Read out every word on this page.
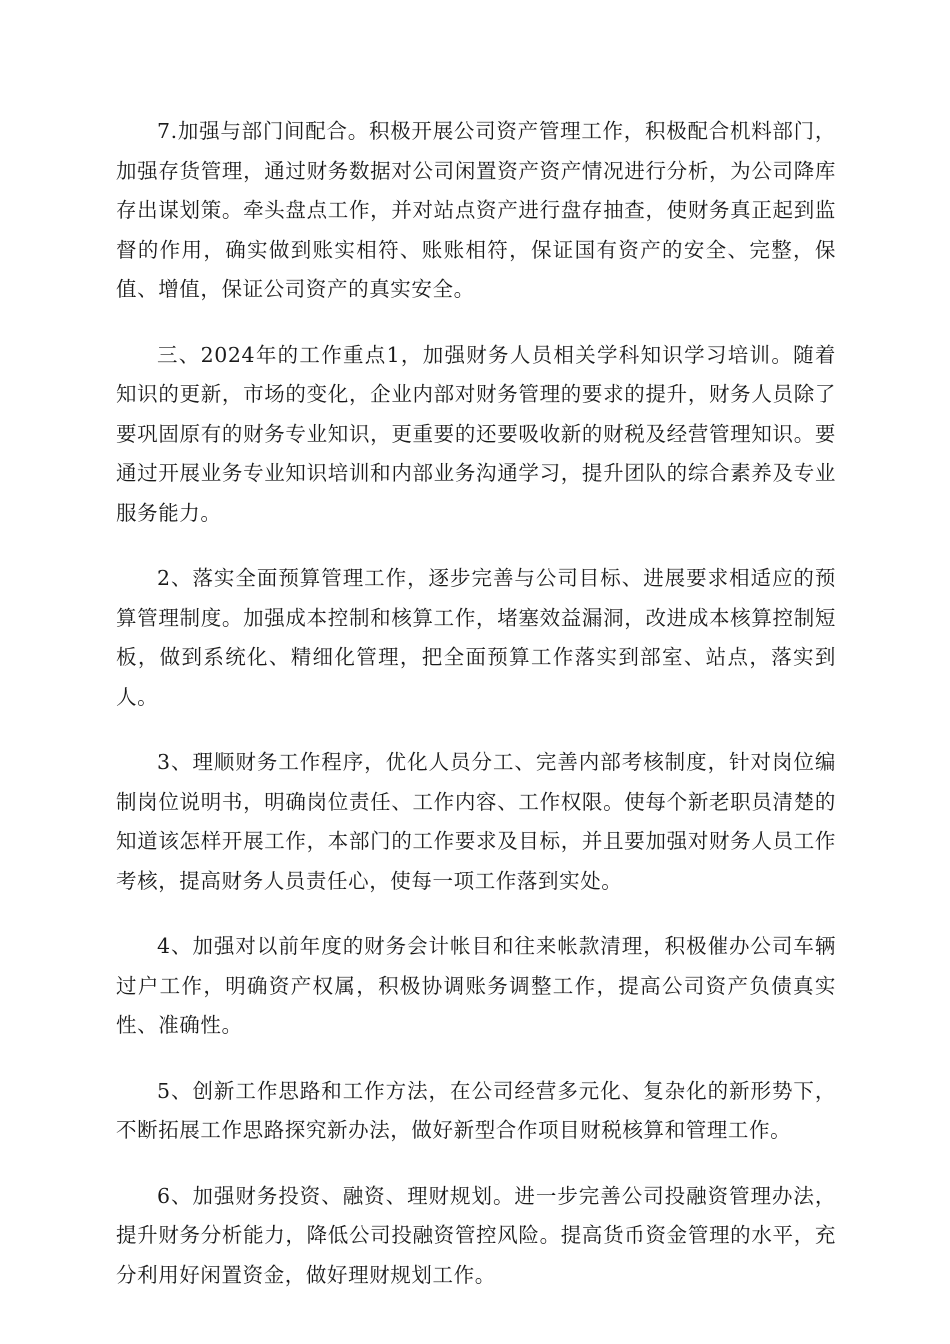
7.加强与部门间配合。积极开展公司资产管理工作，积极配合机料部门，加强存货管理，通过财务数据对公司闲置资产资产情况进行分析，为公司降库存出谋划策。牵头盘点工作，并对站点资产进行盘存抽查，使财务真正起到监督的作用，确实做到账实相符、账账相符，保证国有资产的安全、完整，保值、增值，保证公司资产的真实安全。

三、2024年的工作重点1，加强财务人员相关学科知识学习培训。随着知识的更新，市场的变化，企业内部对财务管理的要求的提升，财务人员除了要巩固原有的财务专业知识，更重要的还要吸收新的财税及经营管理知识。要通过开展业务专业知识培训和内部业务沟通学习，提升团队的综合素养及专业服务能力。

2、落实全面预算管理工作，逐步完善与公司目标、进展要求相适应的预算管理制度。加强成本控制和核算工作，堵塞效益漏洞，改进成本核算控制短板，做到系统化、精细化管理，把全面预算工作落实到部室、站点，落实到人。

3、理顺财务工作程序，优化人员分工、完善内部考核制度，针对岗位编制岗位说明书，明确岗位责任、工作内容、工作权限。使每个新老职员清楚的知道该怎样开展工作，本部门的工作要求及目标，并且要加强对财务人员工作考核，提高财务人员责任心，使每一项工作落到实处。

4、加强对以前年度的财务会计帐目和往来帐款清理，积极催办公司车辆过户工作，明确资产权属，积极协调账务调整工作，提高公司资产负债真实性、准确性。

5、创新工作思路和工作方法，在公司经营多元化、复杂化的新形势下，不断拓展工作思路探究新办法，做好新型合作项目财税核算和管理工作。

6、加强财务投资、融资、理财规划。进一步完善公司投融资管理办法，提升财务分析能力，降低公司投融资管控风险。提高货币资金管理的水平，充分利用好闲置资金，做好理财规划工作。
